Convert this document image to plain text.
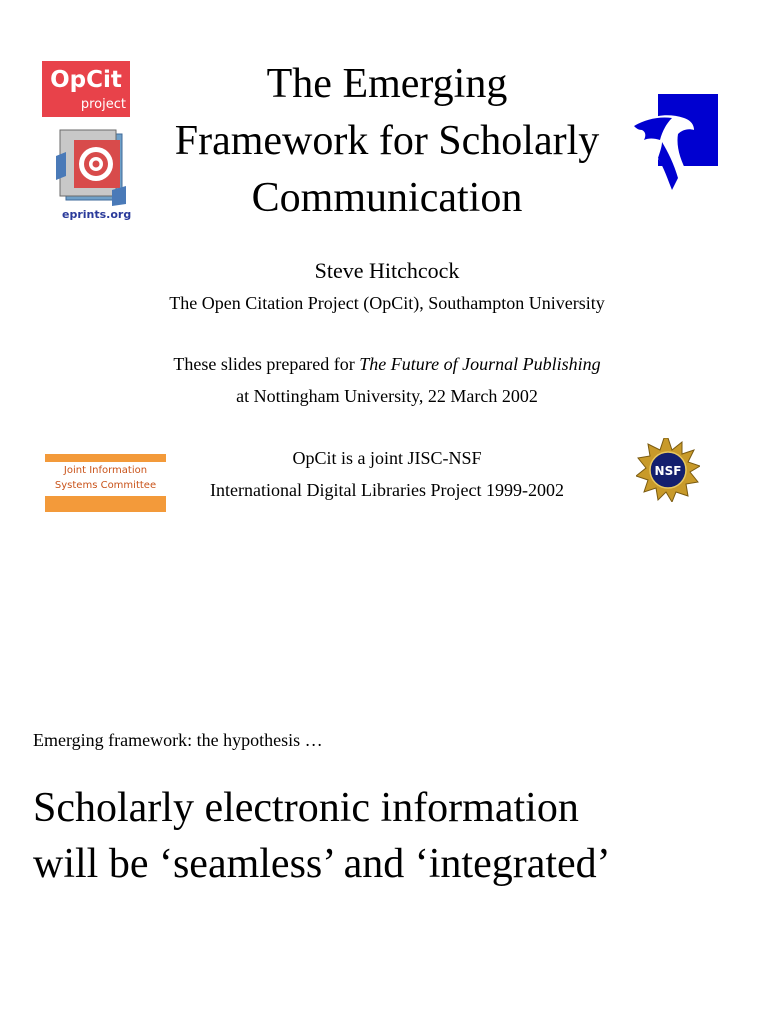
OpCit
project
eprints.org
The Emerging
Framework for Scholarly
Communication
Steve Hitchcock
The Open Citation Project (OpCit), Southampton University
These slides prepared for The Future of Journal Publishing
at Nottingham University, 22 March 2002
OpCit is a joint JISC-NSF
International Digital Libraries Project 1999-2002
Joint Information
Systems Committee
NSF
Emerging framework: the hypothesis …
Scholarly electronic information
will be ‘seamless’ and ‘integrated’
